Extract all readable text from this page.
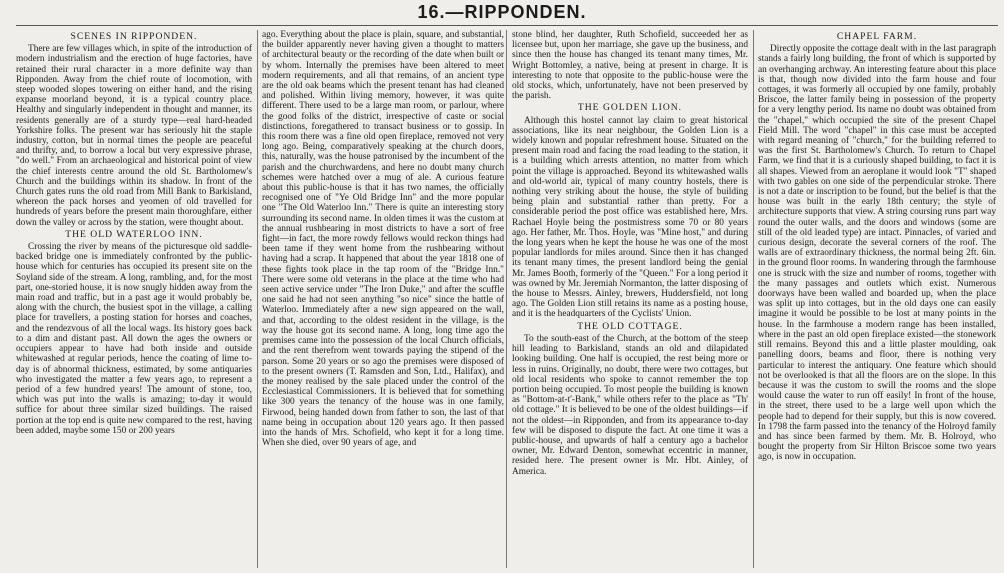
16.—RIPPONDEN.
SCENES IN RIPPONDEN.

There are few villages which, in spite of the introduction of modern industrialism and the erection of huge factories, have retained their rural character in a more definite way than Ripponden. Away from the chief route of locomotion, with steep wooded slopes towering on either hand, and the rising expanse moorland beyond, it is a typical country place. Healthy and singularly independent in thought and manner, its residents generally are of a sturdy type—real hard-headed Yorkshire folks. The present war has seriously hit the staple industry, cotton, but in normal times the people are peaceful and thrifty, and, to borrow a local but very expressive phrase, "do well." From an archaeological and historical point of view the chief interests centre around the old St. Bartholomew's Church and the buildings within its shadow. In front of the Church gates runs the old road from Mill Bank to Barkisland, whereon the pack horses and yeomen of old travelled for hundreds of years before the present main thoroughfare, either down the valley or across by the station, were thought about.

THE OLD WATERLOO INN.

Crossing the river by means of the picturesque old saddle-backed bridge one is immediately confronted by the public-house which for centuries has occupied its present site on the Soyland side of the stream. A long, rambling, and, for the most part, one-storied house, it is now snugly hidden away from the main road and traffic, but in a past age it would probably be, along with the church, the busiest spot in the village, a calling place for travellers, a posting station for horses and coaches, and the rendezvous of all the local wags. Its history goes back to a dim and distant past. All down the ages the owners or occupiers appear to have had both inside and outside whitewashed at regular periods, hence the coating of lime to-day is of abnormal thickness, estimated, by some antiquaries who investigated the matter a few years ago, to represent a period of a few hundred years! The amount of stone, too, which was put into the walls is amazing; to-day it would suffice for about three similar sized buildings. The raised portion at the top end is quite new compared to the rest, having been added, maybe some 150 or 200 years

ago. Everything about the place is plain, square, and substantial, the builder apparently never having given a thought to matters of architectural beauty or the recording of the date when built or by whom. Internally the premises have been altered to meet modern requirements, and all that remains, of an ancient type are the old oak beams which the present tenant has had cleaned and polished. Within living memory, however, it was quite different. There used to be a large man room, or parlour, where the good folks of the district, irrespective of caste or social distinctions, foregathered to transact business or to gossip. In this room there was a fine old open fireplace, removed not very long ago. Being, comparatively speaking at the church doors, this, naturally, was the house patronised by the incumbent of the parish and the churchwardens, and here no doubt many church schemes were hatched over a mug of ale. A curious feature about this public-house is that it has two names, the officially recognised one of "Ye Old Bridge Inn" and the more popular one "The Old Waterloo Inn." There is quite an interesting story surrounding its second name. In olden times it was the custom at the annual rushbearing in most districts to have a sort of free fight—in fact, the more rowdy fellows would reckon things had been tame if they went home from the rushbearing without having had a scrap. It happened that about the year 1818 one of these fights took place in the tap room of the "Bridge Inn." There were some old veterans in the place at the time who had seen active service under "The Iron Duke," and after the scuffle one said he had not seen anything "so nice" since the battle of Waterloo. Immediately after a new sign appeared on the wall, and that, according to the oldest resident in the village, is the way the house got its second name. A long, long time ago the premises came into the possession of the local Church officials, and the rent therefrom went towards paying the stipend of the parson. Some 20 years or so ago the premises were disposed of to the present owners (T. Ramsden and Son, Ltd., Halifax), and the money realised by the sale placed under the control of the Ecclesiastical Commissioners. It is believed that for something like 300 years the tenancy of the house was in one family, Firwood, being handed down from father to son, the last of that name being in occupation about 120 years ago. It then passed into the hands of Mrs. Schofield, who kept it for a long time. When she died, over 90 years of age, and

stone blind, her daughter, Ruth Schofield, succeeded her as licensee but, upon her marriage, she gave up the business, and since then the house has changed its tenant many times, Mr. Wright Bottomley, a native, being at present in charge. It is interesting to note that opposite to the public-house were the old stocks, which, unfortunately, have not been preserved by the parish.

THE GOLDEN LION.

Although this hostel cannot lay claim to great historical associations, like its near neighbour, the Golden Lion is a widely known and popular refreshment house. Situated on the present main road and facing the road leading to the station, it is a building which arrests attention, no matter from which point the village is approached. Beyond its whitewashed walls and old-world air, typical of many country hostels, there is nothing very striking about the house, the style of building being plain and substantial rather than pretty. For a considerable period the post office was established here, Mrs. Rachael Hoyle being the postmistress some 70 or 80 years ago. Her father, Mr. Thos. Hoyle, was "Mine host," and during the long years when he kept the house he was one of the most popular landlords for miles around. Since then it has changed its tenant many times, the present landlord being the genial Mr. James Booth, formerly of the "Queen." For a long period it was owned by Mr. Jeremiah Normanton, the latter disposing of the house to Messrs. Ainley, brewers, Huddersfield, not long ago. The Golden Lion still retains its name as a posting house, and it is the headquarters of the Cyclists' Union.

THE OLD COTTAGE.

To the south-east of the Church, at the bottom of the steep hill leading to Barkisland, stands an old and dilapidated looking building. One half is occupied, the rest being more or less in ruins. Originally, no doubt, there were two cottages, but old local residents who spoke to cannot remember the top portion being occupied. To most people the building is known as "Bottom-at-t'-Bank," while others refer to the place as "Th' old cottage." It is believed to be one of the oldest buildings—if not the oldest—in Ripponden, and from its appearance to-day few will be disposed to dispute the fact. At one time it was a public-house, and upwards of half a century ago a bachelor owner, Mr. Edward Denton, somewhat eccentric in manner, resided here. The present owner is Mr. Hbt. Ainley, of America.

CHAPEL FARM.

Directly opposite the cottage dealt with in the last paragraph stands a fairly long building, the front of which is supported by an overhanging archway. An interesting feature about this place is that, though now divided into the farm house and four cottages, it was formerly all occupied by one family, probably Briscoe, the latter family being in possession of the property for a very lengthy period. Its name no doubt was obtained from the "chapel," which occupied the site of the present Chapel Field Mill. The word "chapel" in this case must be accepted with regard meaning of "church," for the building referred to was the first St. Bartholomew's Church. To return to Chapel Farm, we find that it is a curiously shaped building, to fact it is all shapes. Viewed from an aeroplane it would look "T" shaped with two gables on one side of the perpendicular stroke. There is not a date or inscription to be found, but the belief is that the house was built in the early 18th century; the style of architecture supports that view. A string coursing runs part way round the outer walls, and the doors and windows (some are still of the old leaded type) are intact. Pinnacles, of varied and curious design, decorate the several corners of the roof. The walls are of extraordinary thickness, the normal being 2ft. 6in. in the ground floor rooms. In wandering through the farmhouse one is struck with the size and number of rooms, together with the many passages and outlets which exist. Numerous doorways have been walled and boarded up, when the place was split up into cottages, but in the old days one can easily imagine it would be possible to be lost at many points in the house. In the farmhouse a modern range has been installed, where in the past an old open fireplace existed—the stonework still remains. Beyond this and a little plaster moulding, oak panelling doors, beams and floor, there is nothing very particular to interest the antiquary. One feature which should not be overlooked is that all the floors are on the slope. In this because it was the custom to swill the rooms and the slope would cause the water to run off easily! In front of the house, in the street, there used to be a large well upon which the people had to depend for their supply, but this is now covered. In 1798 the farm passed into the tenancy of the Holroyd family and has since been farmed by them. Mr. B. Holroyd, who bought the property from Sir Hilton Briscoe some two years ago, is now in occupation.
